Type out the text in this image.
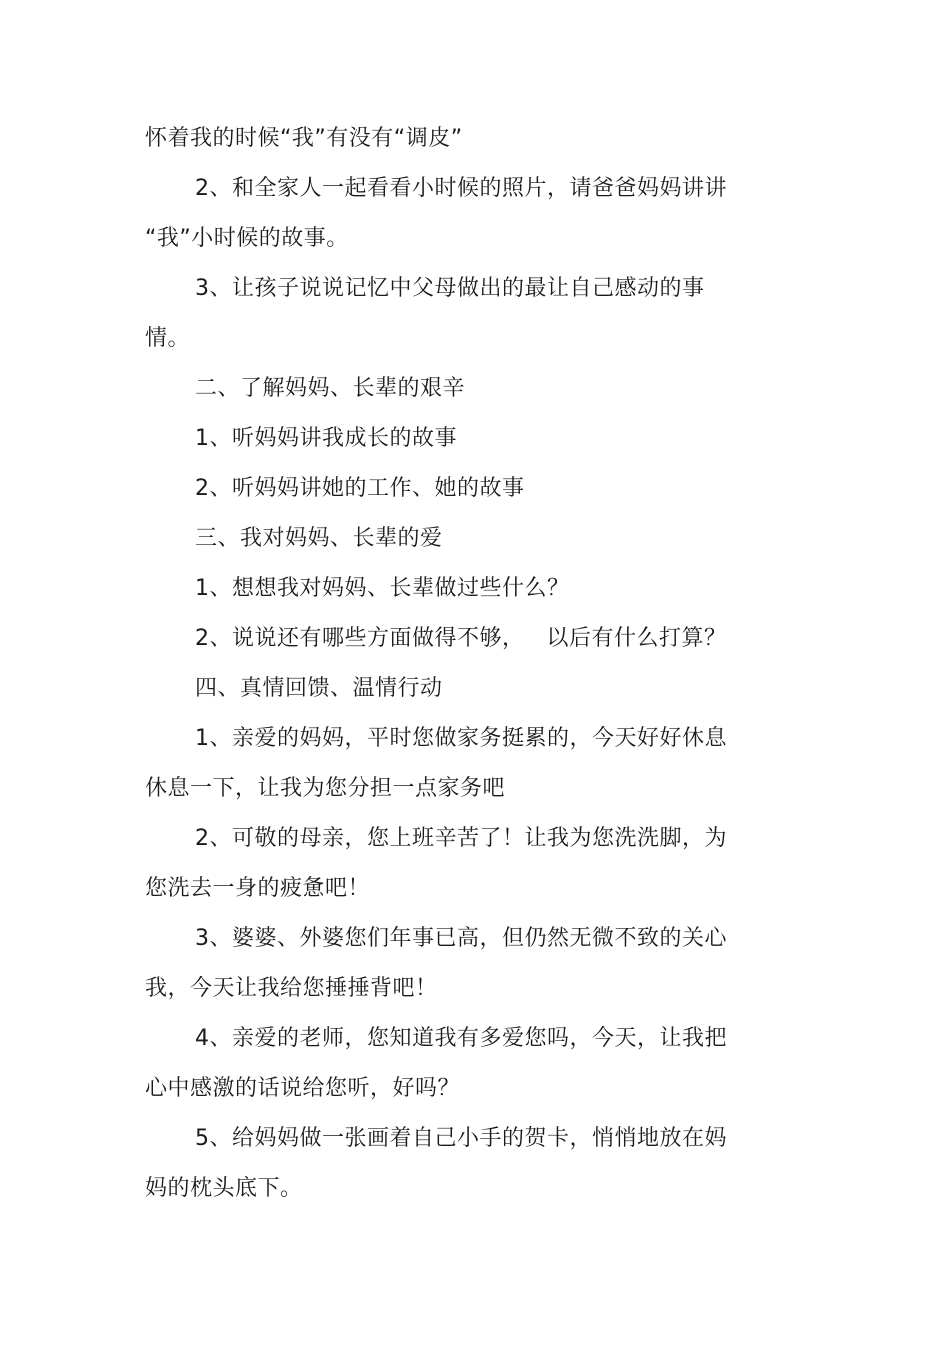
怀着我的时候“我”有没有“调皮”
2、和全家人一起看看小时候的照片，请爸爸妈妈讲讲
“我”小时候的故事。
3、让孩子说说记忆中父母做出的最让自己感动的事
情。
二、了解妈妈、长辈的艰辛
1、听妈妈讲我成长的故事
2、听妈妈讲她的工作、她的故事
三、我对妈妈、长辈的爱
1、想想我对妈妈、长辈做过些什么？
2、说说还有哪些方面做得不够， 以后有什么打算？
四、真情回馈、温情行动
1、亲爱的妈妈，平时您做家务挺累的，今天好好休息
休息一下，让我为您分担一点家务吧
2、可敬的母亲，您上班辛苦了！让我为您洗洗脚，为
您洗去一身的疲惫吧！
3、婆婆、外婆您们年事已高，但仍然无微不致的关心
我，今天让我给您捶捶背吧！
4、亲爱的老师，您知道我有多爱您吗，今天，让我把
心中感激的话说给您听，好吗？
5、给妈妈做一张画着自己小手的贺卡，悄悄地放在妈
妈的枕头底下。
